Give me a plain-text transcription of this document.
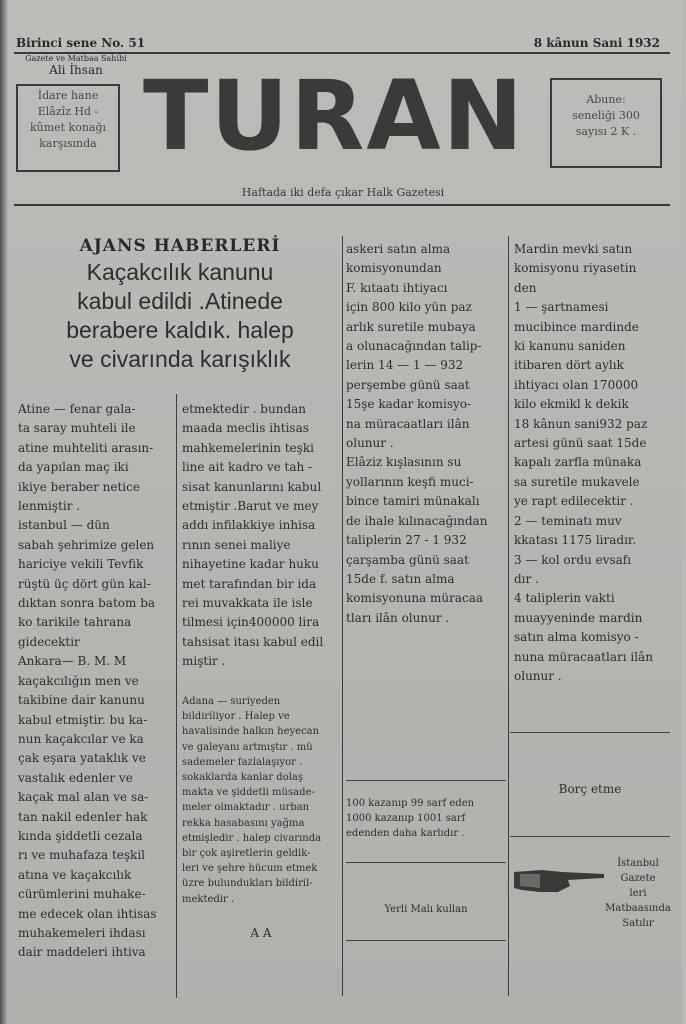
Birinci sene No. 51	8 kânun Sani 1932
Gazete ve Matbaa Sahibi
Ali İhsan
İdare hane
Elâzîz Hd -
kûmet konağı
karşısında TURAN	Abune:
seneliği 300
sayısı 2 K .
Haftada iki defa çıkar Halk Gazetesi
AJANS HABERLERİ
Kaçakcılık kanunu
kabul edildi .Atinede
berabere kaldık. halep
ve civarında karışıklık
Atine — fenar gala-
ta saray muhteli ile
atine muhteliti arasın-
da yapılan maç iki
ikiye beraber netice
lenmiştir .
istanbul — dün
sabah şehrimize gelen
hariciye vekili Tevfik
rüştü üç dört gün kal-
dıktan sonra batom ba
ko tarikile tahrana
gidecektir
Ankara— B. M. M
kaçakcılığın men ve
takibine dair kanunu
kabul etmiştir. bu ka-
nun kaçakcılar ve ka
çak eşara yataklık ve
vastalık edenler ve
kaçak mal alan ve sa-
tan nakil edenler hak
kında şiddetli cezala
rı ve muhafaza teşkil
atına ve kaçakcılık
cürümlerini muhake-
me edecek olan ihtisas
muhakemeleri ihdası
dair maddeleri ihtiva
etmektedir . bundan
maada meclis ihtisas
mahkemelerinin teşki
line ait kadro ve tah -
sisat kanunlarını kabul
etmiştir .Barut ve mey
addı infilakkiye inhisa
rının senei maliye
nihayetine kadar huku
met tarafından bir ida
rei muvakkata ile isle
tilmesi için400000 lira
tahsisat itası kabul edil
miştir .
Adana — suriyeden
bildiriliyor . Halep ve
havalisinde halkın heyecan
ve galeyanı artmıştır . mü
sademeler fazlalaşıyor .
sokaklarda kanlar dolaş
makta ve şiddetli müsade-
meler olmaktadır . urban
rekka hasabasını yağma
etmişledir . halep civarında
bir çok aşiretlerin geldik-
leri ve şehre hücum etmek
üzre bulundukları bildiril-
mektedir .
A A
askeri satın alma
komisyonundan
F. kıtaatı ihtiyacı
için 800 kilo yün paz
arlık suretile mubaya
a olunacağından talip-
lerin 14 — 1 — 932
perşembe günü saat
15şe kadar komisyo-
na müracaatları ilân
olunur .
Elâziz kışlasının su
yollarının keşfi muci-
bince tamiri münakalı
de ihale kılınacağından
taliplerin 27 - 1 932
çarşamba günü saat
15de f. satın alma
komisyonuna müracaa
tları ilân olunur .
100 kazanıp 99 sarf eden
1000 kazanıp 1001 sarf
edenden daha karlıdır .
Yerli Malı kullan
Mardin mevki satın
komisyonu riyasetin
den
1 — şartnamesi
mucibince mardinde
ki kanunu saniden
itibaren dört aylık
ihtiyacı olan 170000
kilo ekmikl k dekik
18 kânun sani932 paz
artesi günü saat 15de
kapalı zarfla münaka
sa suretile mukavele
ye rapt edilecektir .
2 — teminatı muv
kkatası 1175 liradır.
3 — kol ordu evsafı
dır .
4 taliplerin vakti
muayyeninde mardin
satın alma komisyo -
nuna müracaatları ilân
olunur .
Borç etme
İstanbul
Gazete
leri Matbaasında
Satılır
